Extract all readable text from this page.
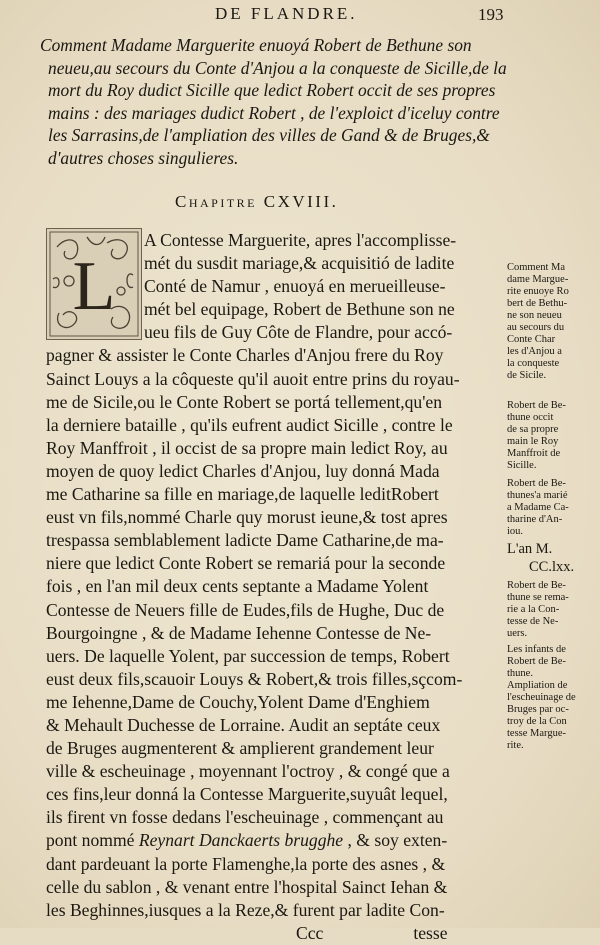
DE FLANDRE.	193
Comment Madame Marguerite enuoyá Robert de Bethune son
neueu,au secours du Conte d'Anjou a la conqueste de Sicille,de la
mort du Roy dudict Sicille que ledict Robert occit de ses propres
mains : des mariages dudict Robert , de l'exploict d'iceluy contre
les Sarrasins,de l'ampliation des villes de Gand & de Bruges,&
d'autres choses singulieres.
Chapitre CXVIII.
L
A Contesse Marguerite, apres l'accomplisse-
mét du susdit mariage,& acquisitió de ladite
Conté de Namur , enuoyá en merueilleuse-
mét bel equipage, Robert de Bethune son ne
ueu fils de Guy Côte de Flandre, pour accó-
pagner & assister le Conte Charles d'Anjou frere du Roy
Sainct Louys a la côqueste qu'il auoit entre prins du royau-
me de Sicile,ou le Conte Robert se portá tellement,qu'en
la derniere bataille , qu'ils eufrent audict Sicille , contre le
Roy Manffroit , il occist de sa propre main ledict Roy, au
moyen de quoy ledict Charles d'Anjou, luy donná Mada
me Catharine sa fille en mariage,de laquelle leditRobert
eust vn fils,nommé Charle quy morust ieune,& tost apres
trespassa semblablement ladicte Dame Catharine,de ma-
niere que ledict Conte Robert se remariá pour la seconde
fois , en l'an mil deux cents septante a Madame Yolent
Contesse de Neuers fille de Eudes,fils de Hughe, Duc de
Bourgoingne , & de Madame Iehenne Contesse de Ne-
uers. De laquelle Yolent, par succession de temps, Robert
eust deux fils,scauoir Louys & Robert,& trois filles,sçcom-
me Iehenne,Dame de Couchy,Yolent Dame d'Enghiem
& Mehault Duchesse de Lorraine. Audit an septáte ceux
de Bruges augmenterent & amplierent grandement leur
ville & escheuinage , moyennant l'octroy , & congé que a
ces fins,leur donná la Contesse Marguerite,suyuât lequel,
ils firent vn fosse dedans l'escheuinage , commençant au
pont nommé Reynart Danckaerts brugghe , & soy exten-
dant pardeuant la porte Flamenghe,la porte des asnes , &
celle du sablon , & venant entre l'hospital Sainct Iehan &
les Beghinnes,iusques a la Reze,& furent par ladite Con-
Ccc	tesse
Comment Ma
dame Margue-
rite enuoye Ro
bert de Bethu-
ne son neueu
au secours du
Conte Char
les d'Anjou a
la conqueste
de Sicile.
Robert de Be-
thune occit
de sa propre
main le Roy
Manffroit de
Sicille.
Robert de Be-
thunes'a marié
a Madame Ca-
tharine d'An-
iou.
L'an M.
CC.lxx.
Robert de Be-
thune se rema-
rie a la Con-
tesse de Ne-
uers.
Les infants de
Robert de Be-
thune.
Ampliation de
l'escheuinage de
Bruges par oc-
troy de la Con
tesse Margue-
rite.
